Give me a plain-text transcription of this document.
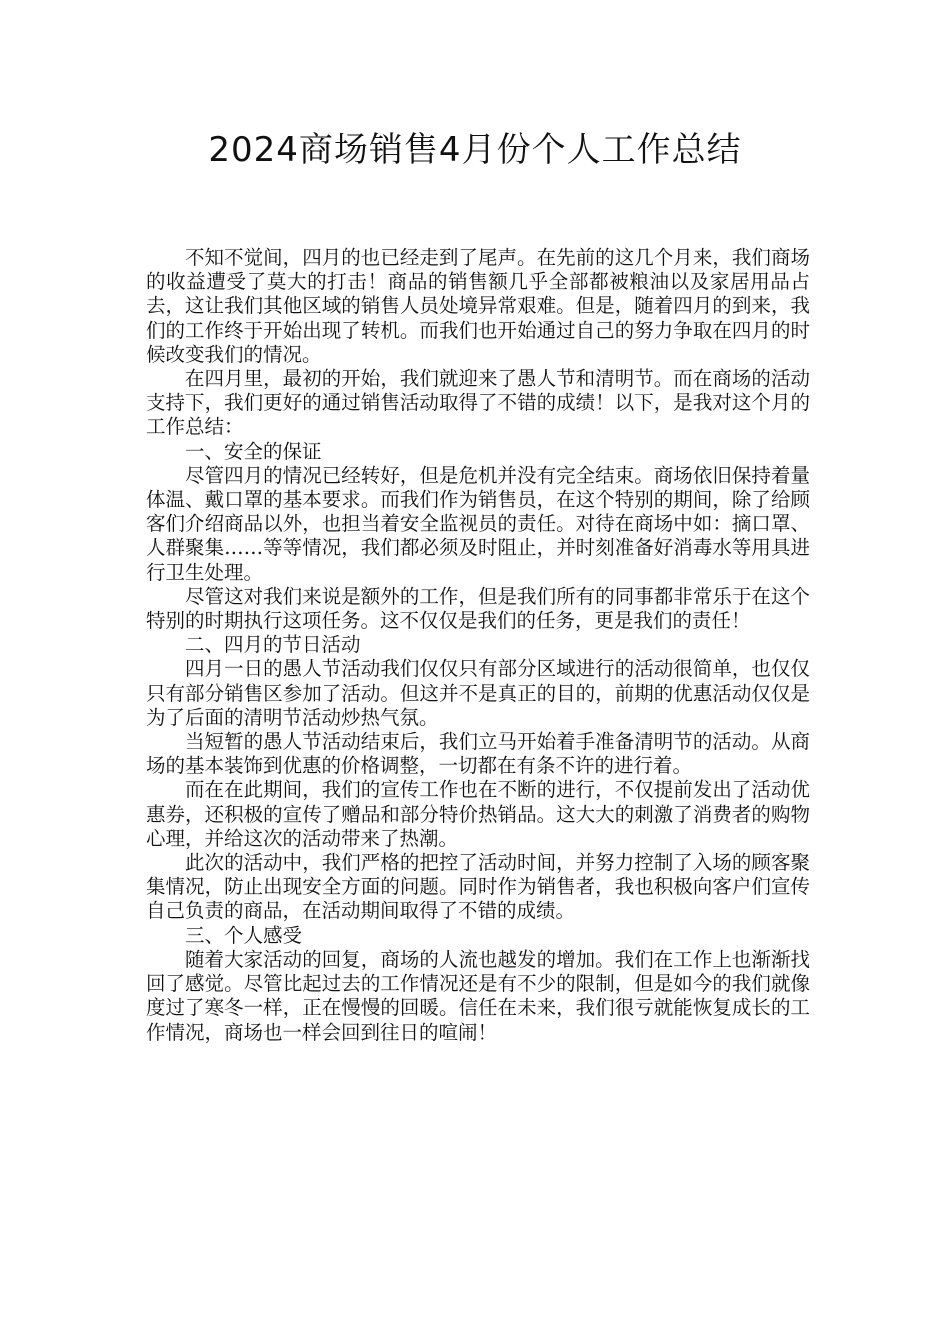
2024商场销售4月份个人工作总结

不知不觉间，四月的也已经走到了尾声。在先前的这几个月来，我们商场的收益遭受了莫大的打击！商品的销售额几乎全部都被粮油以及家居用品占去，这让我们其他区域的销售人员处境异常艰难。但是，随着四月的到来，我们的工作终于开始出现了转机。而我们也开始通过自己的努力争取在四月的时候改变我们的情况。

在四月里，最初的开始，我们就迎来了愚人节和清明节。而在商场的活动支持下，我们更好的通过销售活动取得了不错的成绩！以下，是我对这个月的工作总结：

一、安全的保证

尽管四月的情况已经转好，但是危机并没有完全结束。商场依旧保持着量体温、戴口罩的基本要求。而我们作为销售员，在这个特别的期间，除了给顾客们介绍商品以外，也担当着安全监视员的责任。对待在商场中如：摘口罩、人群聚集……等等情况，我们都必须及时阻止，并时刻准备好消毒水等用具进行卫生处理。

尽管这对我们来说是额外的工作，但是我们所有的同事都非常乐于在这个特别的时期执行这项任务。这不仅仅是我们的任务，更是我们的责任！

二、四月的节日活动

四月一日的愚人节活动我们仅仅只有部分区域进行的活动很简单，也仅仅只有部分销售区参加了活动。但这并不是真正的目的，前期的优惠活动仅仅是为了后面的清明节活动炒热气氛。

当短暂的愚人节活动结束后，我们立马开始着手准备清明节的活动。从商场的基本装饰到优惠的价格调整，一切都在有条不许的进行着。

而在在此期间，我们的宣传工作也在不断的进行，不仅提前发出了活动优惠券，还积极的宣传了赠品和部分特价热销品。这大大的刺激了消费者的购物心理，并给这次的活动带来了热潮。

此次的活动中，我们严格的把控了活动时间，并努力控制了入场的顾客聚集情况，防止出现安全方面的问题。同时作为销售者，我也积极向客户们宣传自己负责的商品，在活动期间取得了不错的成绩。

三、个人感受

随着大家活动的回复，商场的人流也越发的增加。我们在工作上也渐渐找回了感觉。尽管比起过去的工作情况还是有不少的限制，但是如今的我们就像度过了寒冬一样，正在慢慢的回暖。信任在未来，我们很亏就能恢复成长的工作情况，商场也一样会回到往日的喧闹！
